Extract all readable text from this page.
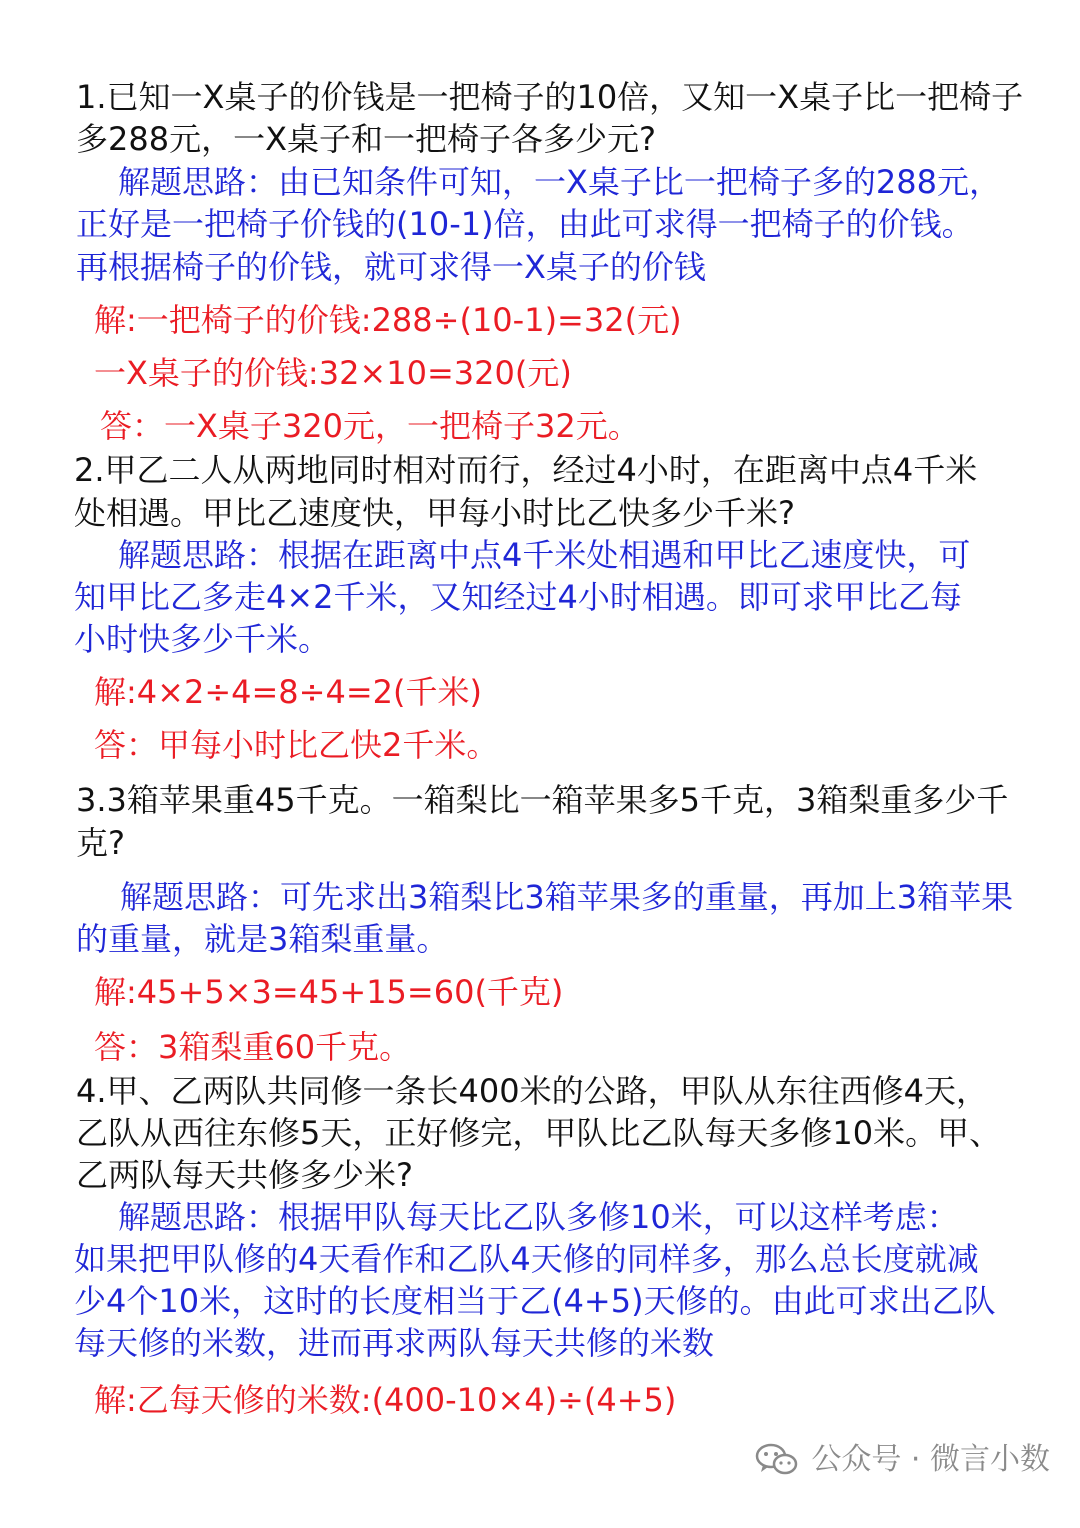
1.已知一X桌子的价钱是一把椅子的10倍，又知一X桌子比一把椅子

多288元，一X桌子和一把椅子各多少元?

解题思路：由已知条件可知，一X桌子比一把椅子多的288元，

正好是一把椅子价钱的(10-1)倍，由此可求得一把椅子的价钱。

再根据椅子的价钱，就可求得一X桌子的价钱

解:一把椅子的价钱:288÷(10-1)=32(元)

一X桌子的价钱:32×10=320(元)

答：一X桌子320元，一把椅子32元。

2.甲乙二人从两地同时相对而行，经过4小时，在距离中点4千米

处相遇。甲比乙速度快，甲每小时比乙快多少千米?

解题思路：根据在距离中点4千米处相遇和甲比乙速度快，可

知甲比乙多走4×2千米，又知经过4小时相遇。即可求甲比乙每

小时快多少千米。

解:4×2÷4=8÷4=2(千米)

答：甲每小时比乙快2千米。

3.3箱苹果重45千克。一箱梨比一箱苹果多5千克，3箱梨重多少千

克?

解题思路：可先求出3箱梨比3箱苹果多的重量，再加上3箱苹果

的重量，就是3箱梨重量。

解:45+5×3=45+15=60(千克)

答：3箱梨重60千克。

4.甲、乙两队共同修一条长400米的公路，甲队从东往西修4天，

乙队从西往东修5天，正好修完，甲队比乙队每天多修10米。甲、

乙两队每天共修多少米?

解题思路：根据甲队每天比乙队多修10米，可以这样考虑：

如果把甲队修的4天看作和乙队4天修的同样多，那么总长度就减

少4个10米，这时的长度相当于乙(4+5)天修的。由此可求出乙队

每天修的米数，进而再求两队每天共修的米数

解:乙每天修的米数:(400-10×4)÷(4+5)

公众号 · 微言小数
